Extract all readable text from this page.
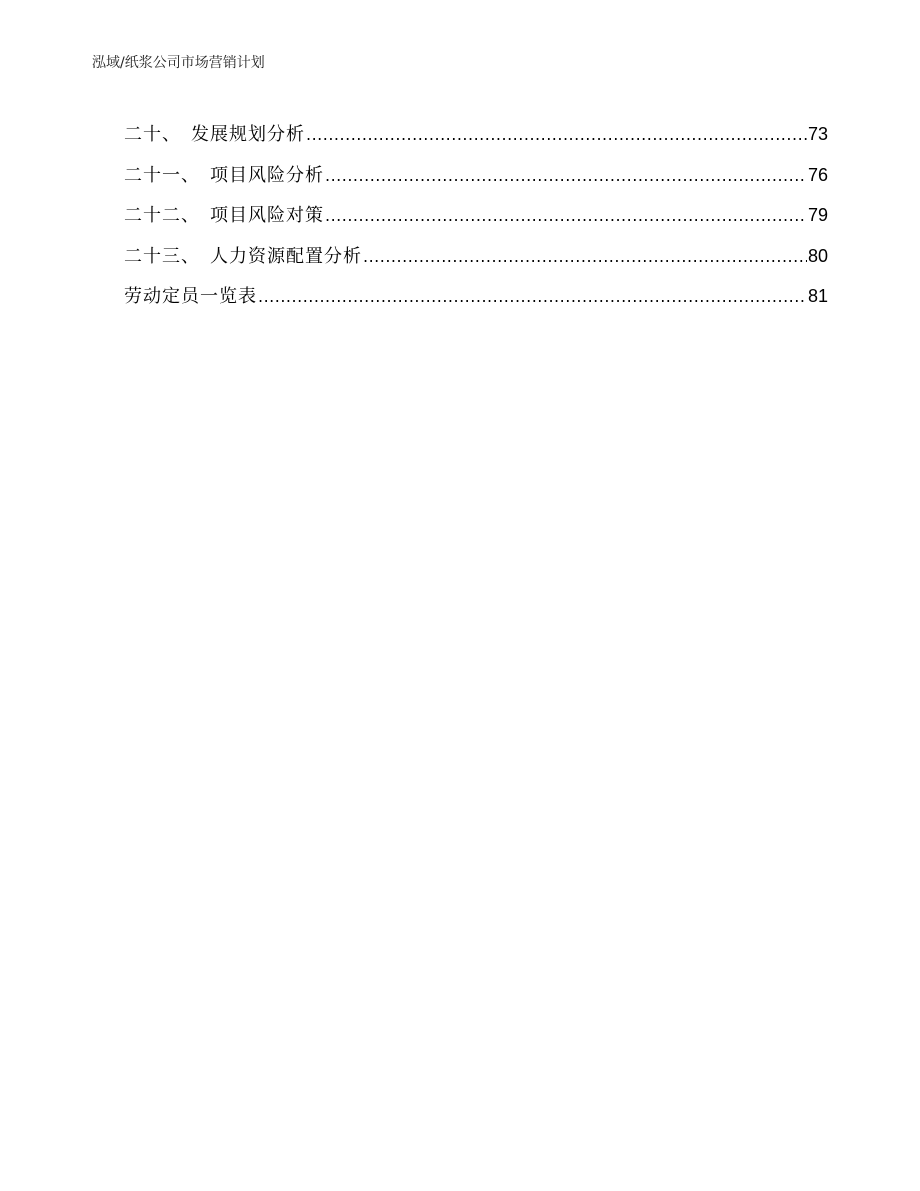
泓域/纸浆公司市场营销计划
二十、 发展规划分析 .....	73
二十一、 项目风险分析 .....	76
二十二、 项目风险对策 .....	79
二十三、 人力资源配置分析 .....	80
劳动定员一览表 .....	81
